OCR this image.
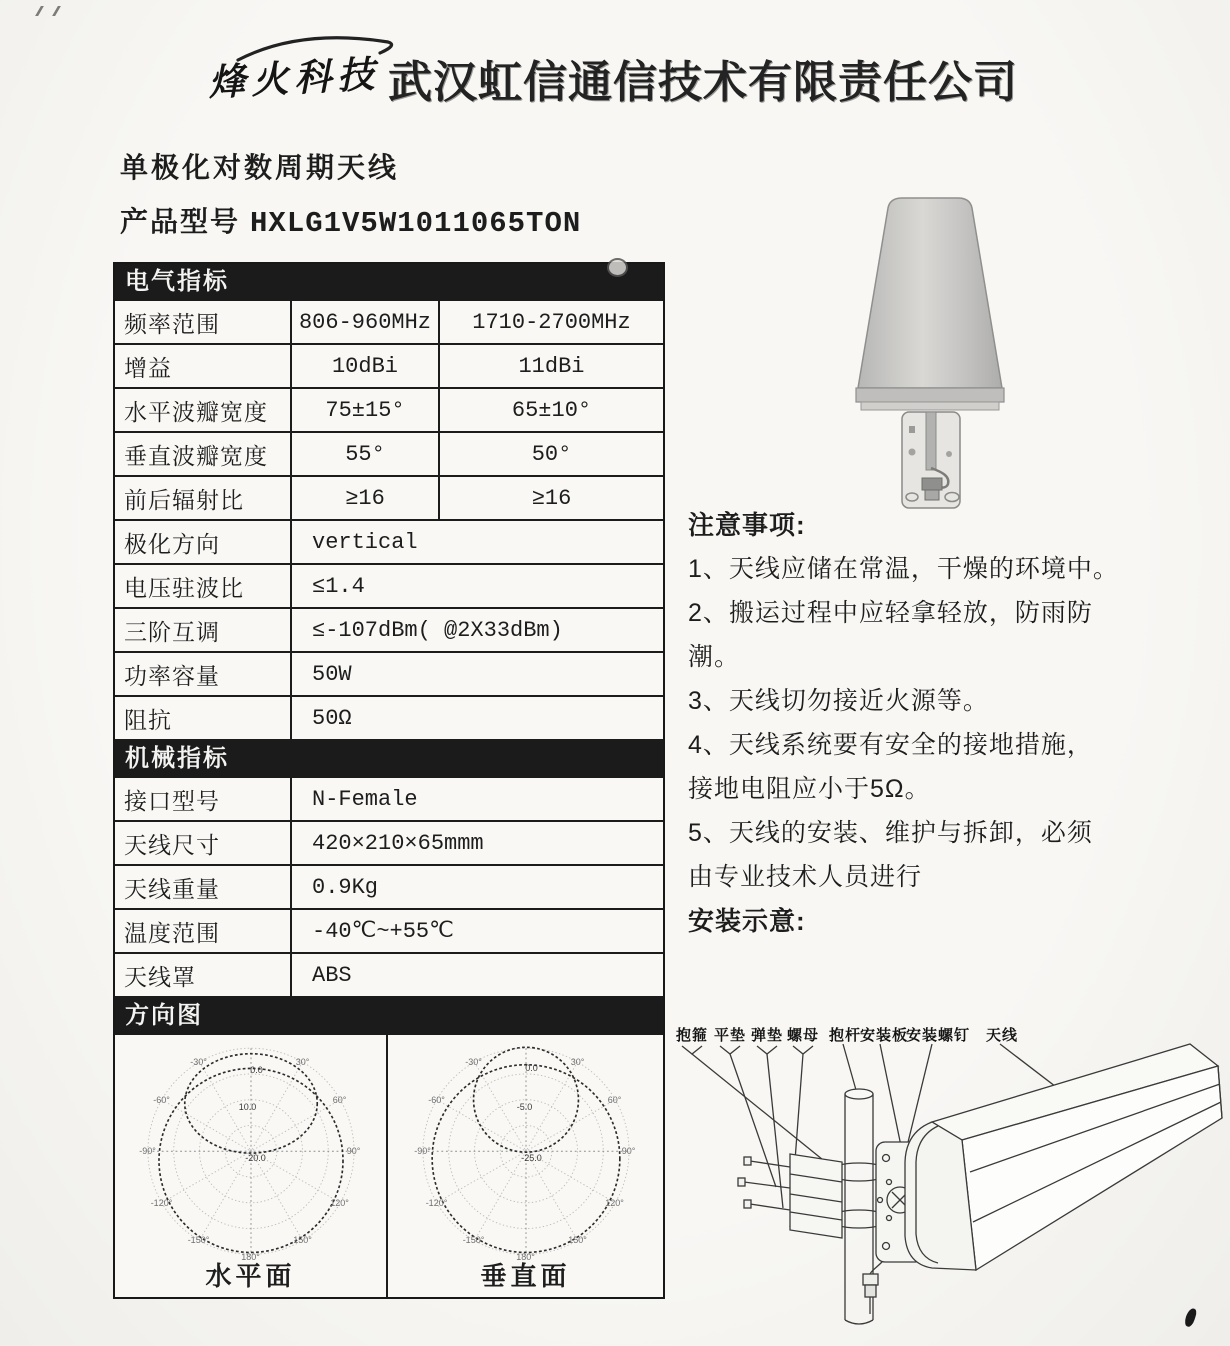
烽火科技 武汉虹信通信技术有限责任公司
单极化对数周期天线
产品型号 HXLG1V5W1011065TON
电气指标
频率范围	806-960MHz	1710-2700MHz
增益	10dBi	11dBi
水平波瓣宽度	75±15°	65±10°
垂直波瓣宽度	55°	50°
前后辐射比	≥16	≥16
极化方向	vertical
电压驻波比	≤1.4
三阶互调	≤-107dBm( @2X33dBm)
功率容量	50W
阻抗	50Ω
机械指标
接口型号	N-Female
天线尺寸	420×210×65mmm
天线重量	0.9Kg
温度范围	-40℃~+55℃
天线罩	ABS
方向图
-30°	30°
-60°	60°
-90°	90°
-120°	120°
-150°	150°
180°
0.0
10.0
-20.0
水平面
-30°	30°
-60°	60°
-90°	90°
-120°	120°
-150°	150°
180°
0.0
-5.0
-25.0
垂直面
注意事项:
1、天线应储在常温，干燥的环境中。
2、搬运过程中应轻拿轻放，防雨防
潮。
3、天线切勿接近火源等。
4、天线系统要有安全的接地措施，
接地电阻应小于5Ω。
5、天线的安装、维护与拆卸，必须
由专业技术人员进行
安装示意:
抱箍 平垫 弹垫 螺母 抱杆
安装板
安装螺钉 天线
